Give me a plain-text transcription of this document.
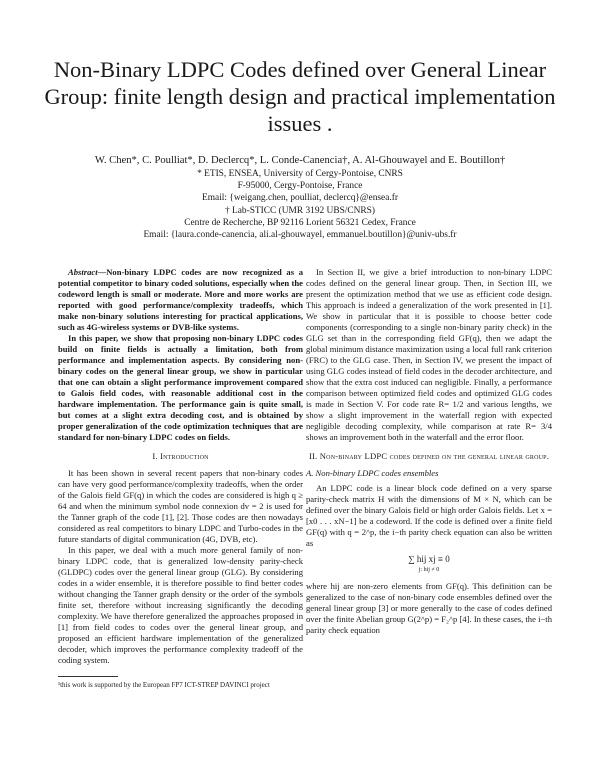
Non-Binary LDPC Codes defined over General Linear Group: finite length design and practical implementation issues .
W. Chen*, C. Poulliat*, D. Declercq*, L. Conde-Canencia†, A. Al-Ghouwayel and E. Boutillon†
* ETIS, ENSEA, University of Cergy-Pontoise, CNRS
F-95000, Cergy-Pontoise, France
Email: {weigang.chen, poulliat, declercq}@ensea.fr
† Lab-STICC (UMR 3192 UBS/CNRS)
Centre de Recherche, BP 92116 Lorient 56321 Cedex, France
Email: {laura.conde-canencia, ali.al-ghouwayel, emmanuel.boutillon}@univ-ubs.fr

Abstract—Non-binary LDPC codes are now recognized as a potential competitor to binary coded solutions, especially when the codeword length is small or moderate. More and more works are reported with good performance/complexity tradeoffs, which make non-binary solutions interesting for practical applications, such as 4G-wireless systems or DVB-like systems.

In this paper, we show that proposing non-binary LDPC codes build on finite fields is actually a limitation, both from performance and implementation aspects. By considering non-binary codes on the general linear group, we show in particular that one can obtain a slight performance improvement compared to Galois field codes, with reasonable additional cost in the hardware implementation. The performance gain is quite small, but comes at a slight extra decoding cost, and is obtained by proper generalization of the code optimization techniques that are standard for non-binary LDPC codes on fields.

I. Introduction

It has been shown in several recent papers that non-binary codes can have very good performance/complexity tradeoffs, when the order of the Galois field GF(q) in which the codes are considered is high q ≥ 64 and when the minimum symbol node connexion dv = 2 is used for the Tanner graph of the code [1], [2]. Those codes are then nowadays considered as real competitors to binary LDPC and Turbo-codes in the future standarts of digital communication (4G, DVB, etc).

In this paper, we deal with a much more general family of non-binary LDPC code, that is generalized low-density parity-check (GLDPC) codes over the general linear group (GLG). By considering codes in a wider ensemble, it is therefore possible to find better codes without changing the Tanner graph density or the order of the symbols finite set, therefore without increasing significantly the decoding complexity. We have therefore generalized the approaches proposed in [1] from field codes to codes over the general linear group, and proposed an efficient hardware implementation of the generalized decoder, which improves the performance complexity tradeoff of the coding system.

¹this work is supported by the European FP7 ICT-STREP DAVINCI project

In Section II, we give a brief introduction to non-binary LDPC codes defined on the general linear group. Then, in Section III, we present the optimization method that we use as efficient code design. This approach is indeed a generalization of the work presented in [1]. We show in particular that it is possible to choose better code components (corresponding to a single non-binary parity check) in the GLG set than in the corresponding field GF(q), then we adapt the global minimum distance maximization using a local full rank criterion (FRC) to the GLG case. Then, in Section IV, we present the impact of using GLG codes instead of field codes in the decoder architecture, and show that the extra cost induced can negligible. Finally, a performance comparison between optimized field codes and optimized GLG codes is made in Section V. For code rate R= 1/2 and various lengths, we show a slight improvement in the waterfall region with expected negligible decoding complexity, while comparison at rate R= 3/4 shows an improvement both in the waterfall and the error floor.

II. Non-binary LDPC codes defined on the general linear group.
A. Non-binary LDPC codes ensembles

An LDPC code is a linear block code defined on a very sparse parity-check matrix H with the dimensions of M × N, which can be defined over the binary Galois field or high order Galois fields. Let x = [x0 . . . xN−1] be a codeword. If the code is defined over a finite field GF(q) with q = 2^p, the i−th parity check equation can also be written as

∑ hij xj ≡ 0
j: hij ≠ 0

where hij are non-zero elements from GF(q). This definition can be generalized to the case of non-binary code ensembles defined over the general linear group [3] or more generally to the case of codes defined over the finite Abelian group G(2^p) = F₂^p [4]. In these cases, the i−th parity check equation
